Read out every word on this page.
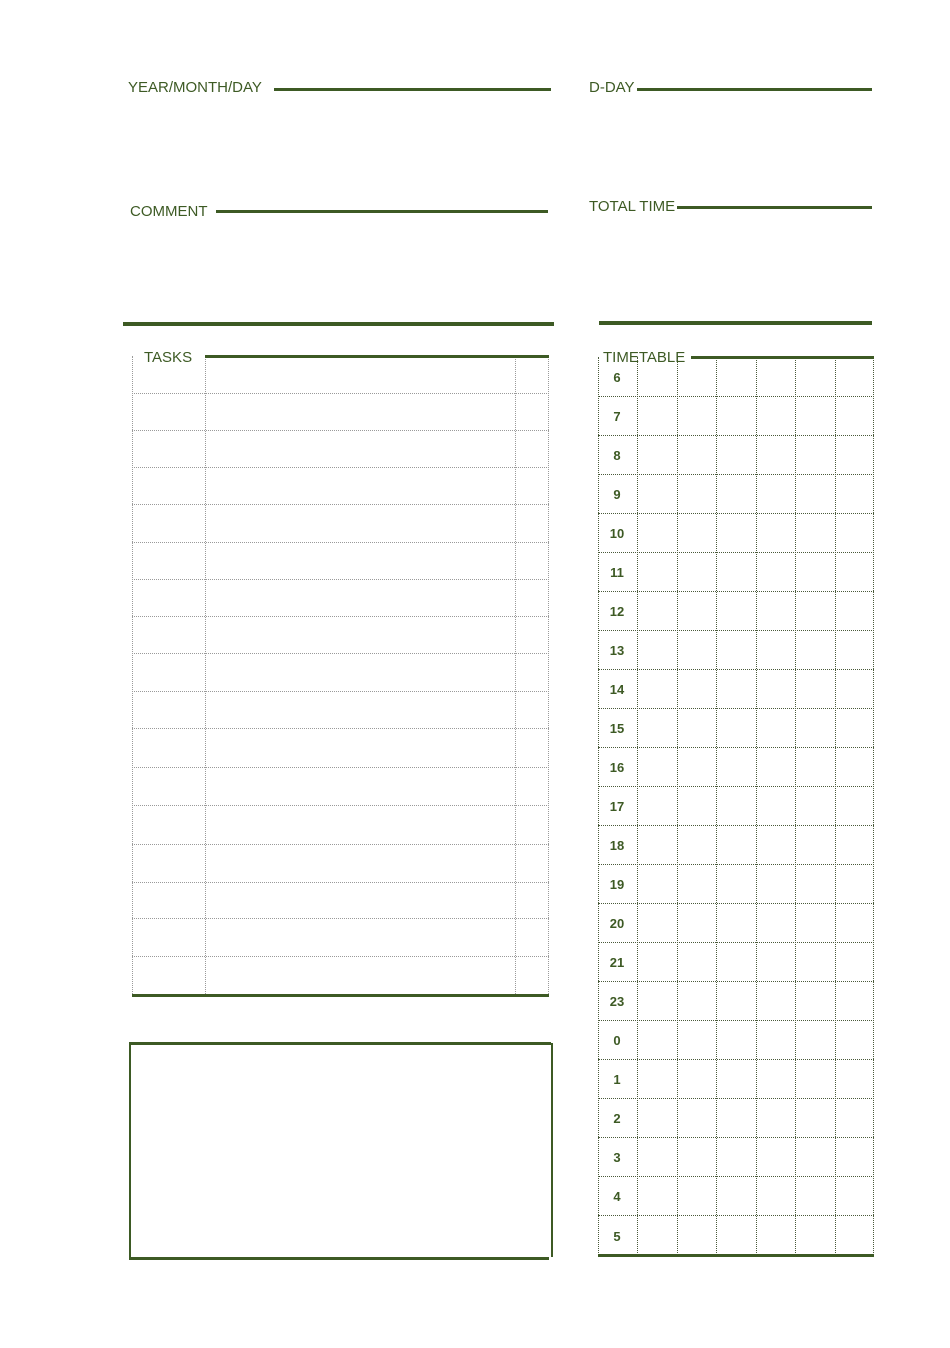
YEAR/MONTH/DAY	D-DAY
COMMENT	TOTAL TIME
TASKS	TIMETABLE
6
7
8
9
10
11
12
13
14
15
16
17
18
19
20
21
23
0
1
2
3
4
5
